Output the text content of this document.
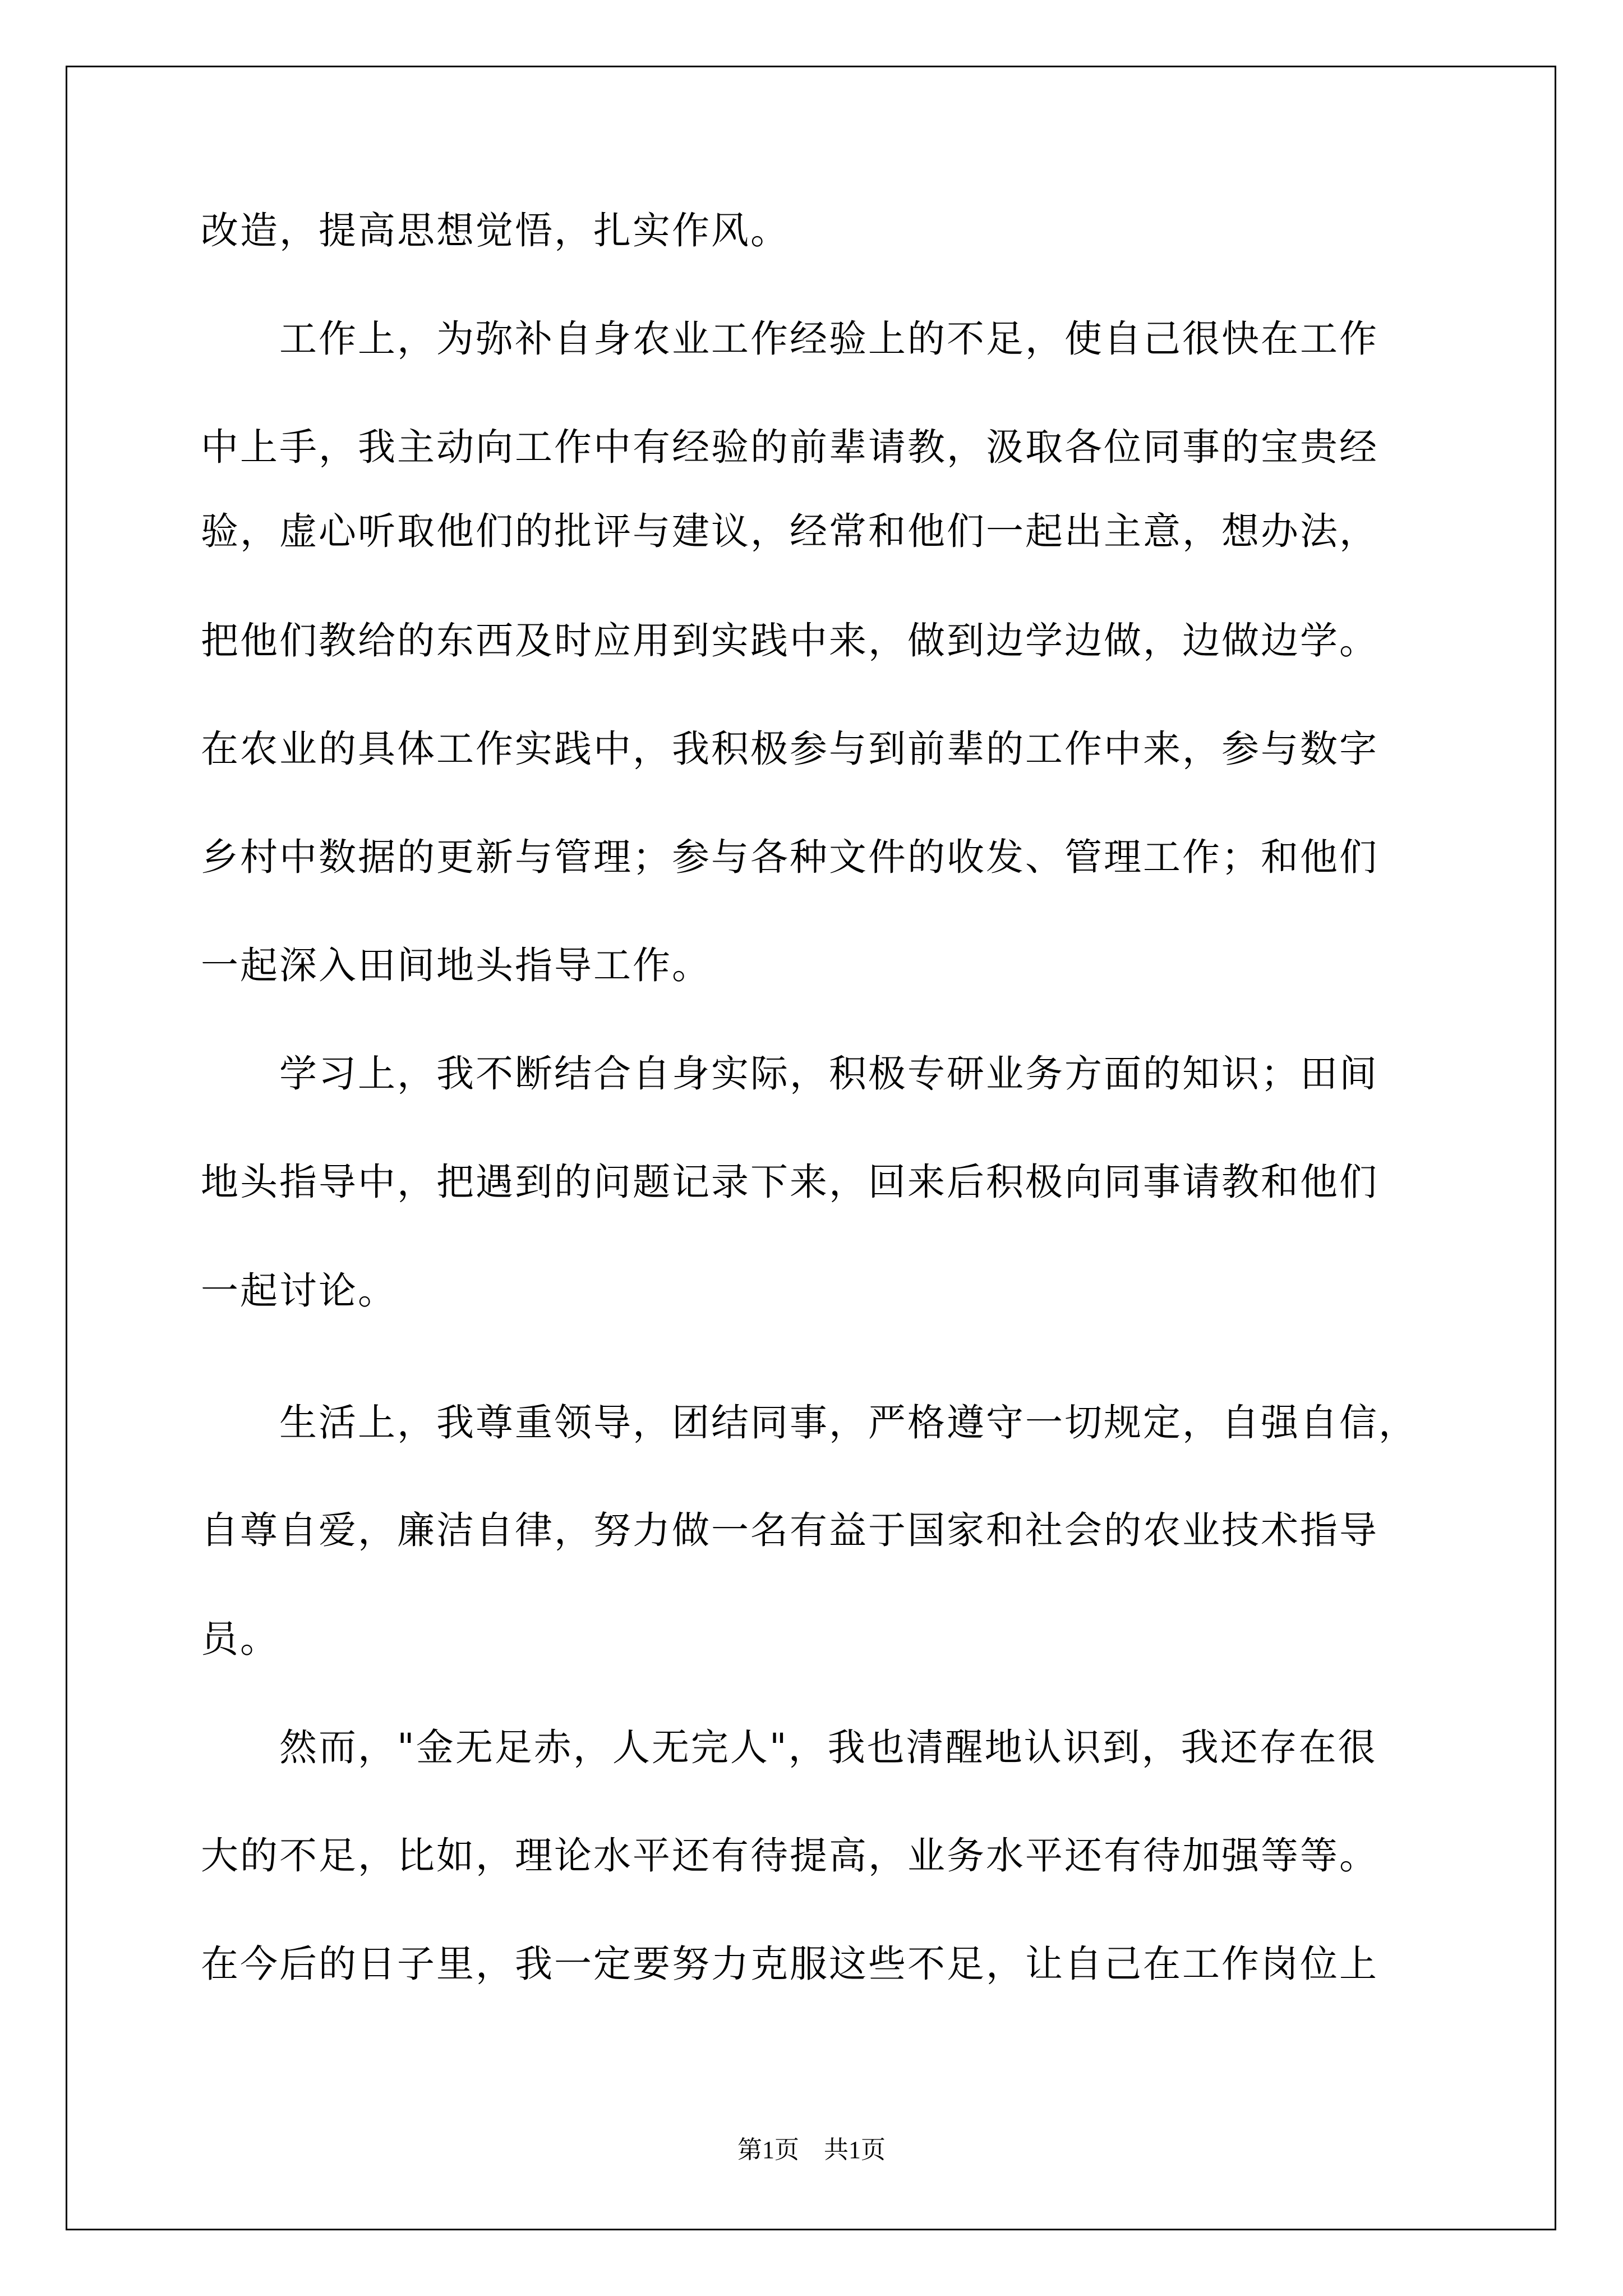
改造，提高思想觉悟，扎实作风。
　　工作上，为弥补自身农业工作经验上的不足，使自己很快在工作
中上手，我主动向工作中有经验的前辈请教，汲取各位同事的宝贵经
验，虚心听取他们的批评与建议，经常和他们一起出主意，想办法，
把他们教给的东西及时应用到实践中来，做到边学边做，边做边学。
在农业的具体工作实践中，我积极参与到前辈的工作中来，参与数字
乡村中数据的更新与管理；参与各种文件的收发、管理工作；和他们
一起深入田间地头指导工作。
　　学习上，我不断结合自身实际，积极专研业务方面的知识；田间
地头指导中，把遇到的问题记录下来，回来后积极向同事请教和他们
一起讨论。
　　生活上，我尊重领导，团结同事，严格遵守一切规定，自强自信，
自尊自爱，廉洁自律，努力做一名有益于国家和社会的农业技术指导
员。
　　然而，"金无足赤，人无完人"，我也清醒地认识到，我还存在很
大的不足，比如，理论水平还有待提高，业务水平还有待加强等等。
在今后的日子里，我一定要努力克服这些不足，让自己在工作岗位上
第1页　共1页
